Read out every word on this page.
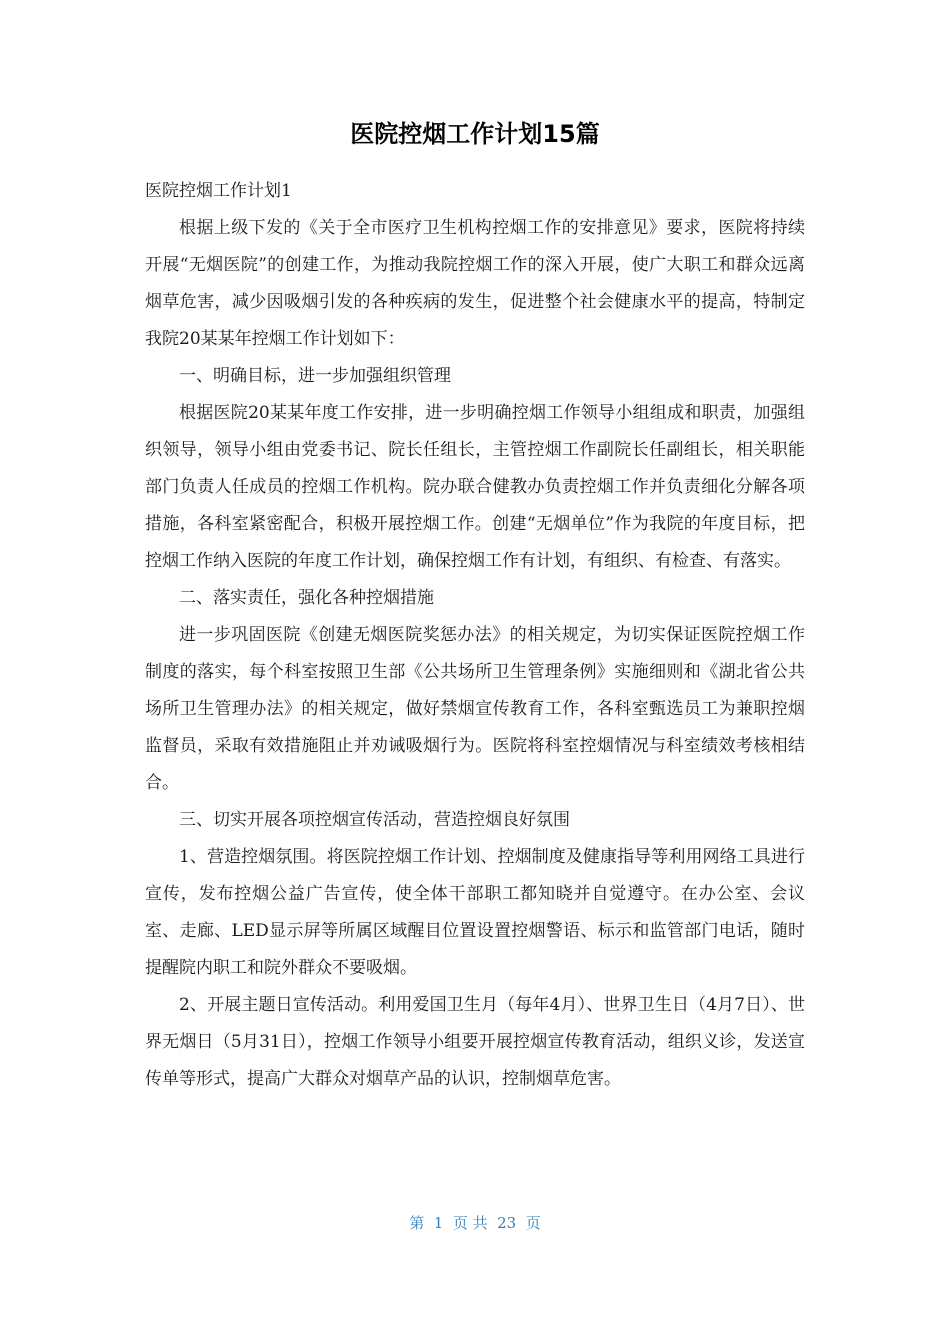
医院控烟工作计划15篇

医院控烟工作计划1

根据上级下发的《关于全市医疗卫生机构控烟工作的安排意见》要求，医院将持续开展“无烟医院”的创建工作，为推动我院控烟工作的深入开展，使广大职工和群众远离烟草危害，减少因吸烟引发的各种疾病的发生，促进整个社会健康水平的提高，特制定我院20某某年控烟工作计划如下：

一、明确目标，进一步加强组织管理

根据医院20某某年度工作安排，进一步明确控烟工作领导小组组成和职责，加强组织领导，领导小组由党委书记、院长任组长，主管控烟工作副院长任副组长，相关职能部门负责人任成员的控烟工作机构。院办联合健教办负责控烟工作并负责细化分解各项措施，各科室紧密配合，积极开展控烟工作。创建“无烟单位”作为我院的年度目标，把控烟工作纳入医院的年度工作计划，确保控烟工作有计划，有组织、有检查、有落实。

二、落实责任，强化各种控烟措施

进一步巩固医院《创建无烟医院奖惩办法》的相关规定，为切实保证医院控烟工作制度的落实，每个科室按照卫生部《公共场所卫生管理条例》实施细则和《湖北省公共场所卫生管理办法》的相关规定，做好禁烟宣传教育工作，各科室甄选员工为兼职控烟监督员，采取有效措施阻止并劝诫吸烟行为。医院将科室控烟情况与科室绩效考核相结合。

三、切实开展各项控烟宣传活动，营造控烟良好氛围

1、营造控烟氛围。将医院控烟工作计划、控烟制度及健康指导等利用网络工具进行宣传，发布控烟公益广告宣传，使全体干部职工都知晓并自觉遵守。在办公室、会议室、走廊、LED显示屏等所属区域醒目位置设置控烟警语、标示和监管部门电话，随时提醒院内职工和院外群众不要吸烟。

2、开展主题日宣传活动。利用爱国卫生月（每年4月）、世界卫生日（4月7日）、世界无烟日（5月31日），控烟工作领导小组要开展控烟宣传教育活动，组织义诊，发送宣传单等形式，提高广大群众对烟草产品的认识，控制烟草危害。

第  1  页 共  23  页
